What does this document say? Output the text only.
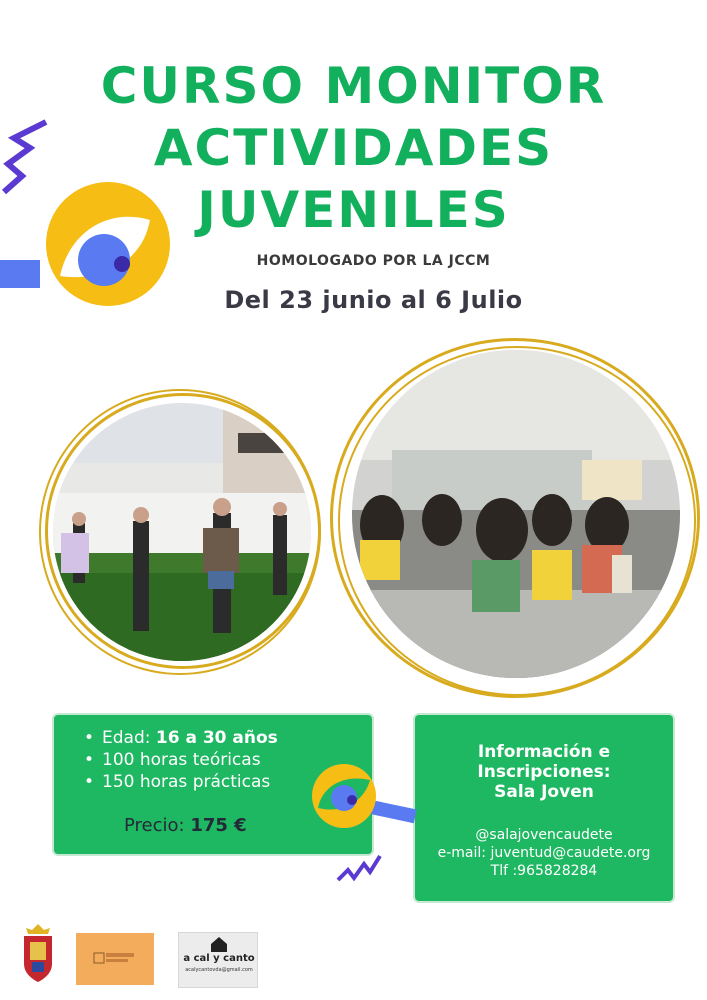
CURSO MONITOR
ACTIVIDADES
JUVENILES
HOMOLOGADO POR LA JCCM
Del 23 junio al 6 Julio
• Edad: 16 a 30 años
• 100 horas teóricas
• 150 horas prácticas
Precio: 175 €
Información e
Inscripciones:
Sala Joven
@salajovencaudete
e-mail: juventud@caudete.org
Tlf :965828284
a cal y canto
acalycantovda@gmail.com
